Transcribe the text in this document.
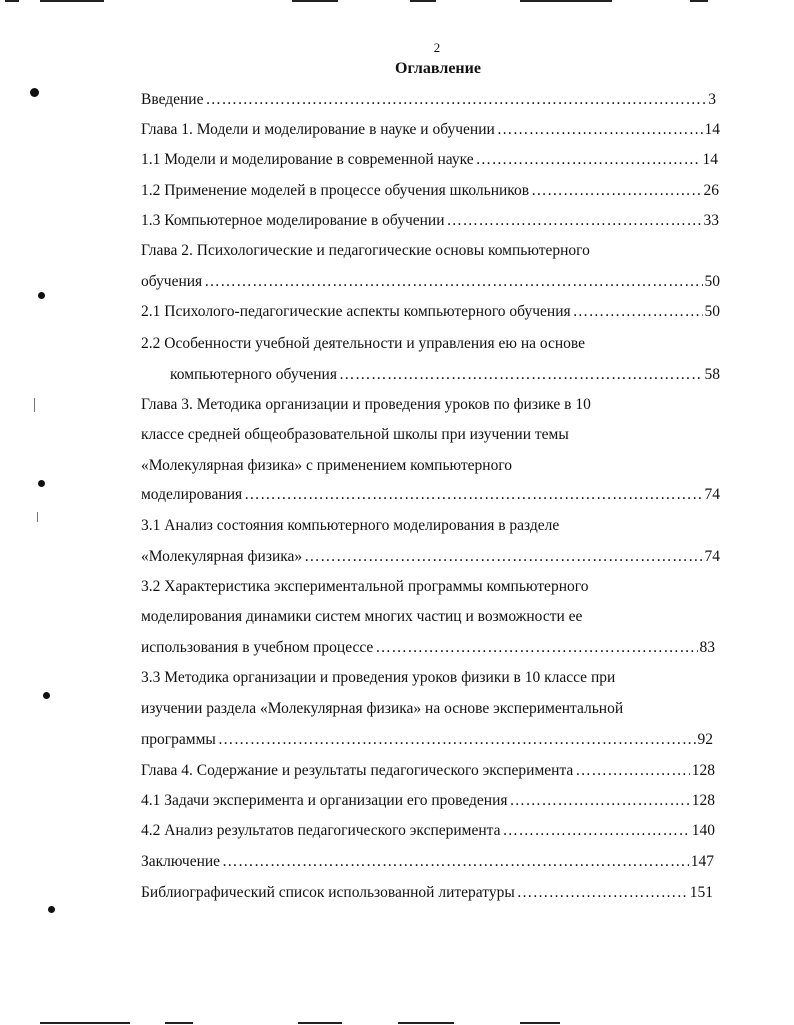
2
Оглавление
Введение ………………………………………………………………………………………………………………………………………………………………	3
Глава 1. Модели и моделирование в науке и обучении ………………………………………………………………………………………………………………………………………………………………	14
1.1 Модели и моделирование в современной науке ………………………………………………………………………………………………………………………………………………………………	14
1.2 Применение моделей в процессе обучения школьников ………………………………………………………………………………………………………………………………………………………………	26
1.3 Компьютерное моделирование в обучении ………………………………………………………………………………………………………………………………………………………………	33
Глава 2. Психологические и педагогические основы компьютерного
обучения ………………………………………………………………………………………………………………………………………………………………	50
2.1 Психолого-педагогические аспекты компьютерного обучения ………………………………………………………………………………………………………………………………………………………………	50
2.2 Особенности учебной деятельности и управления ею на основе
компьютерного обучения ………………………………………………………………………………………………………………………………………………………………	58
Глава 3. Методика организации и проведения уроков по физике в 10
классе средней общеобразовательной школы при изучении темы
«Молекулярная физика» с применением компьютерного
моделирования ………………………………………………………………………………………………………………………………………………………………	74
3.1 Анализ состояния компьютерного моделирования в разделе
«Молекулярная физика» ………………………………………………………………………………………………………………………………………………………………	74
3.2 Характеристика экспериментальной программы компьютерного
моделирования динамики систем многих частиц и возможности ее
использования в учебном процессе ………………………………………………………………………………………………………………………………………………………………	83
3.3 Методика организации и проведения уроков физики в 10 классе при
изучении раздела «Молекулярная физика» на основе экспериментальной
программы ………………………………………………………………………………………………………………………………………………………………	92
Глава 4. Содержание и результаты педагогического эксперимента ………………………………………………………………………………………………………………………………………………………………	128
4.1 Задачи эксперимента и организации его проведения ………………………………………………………………………………………………………………………………………………………………	128
4.2 Анализ результатов педагогического эксперимента ………………………………………………………………………………………………………………………………………………………………	140
Заключение ………………………………………………………………………………………………………………………………………………………………	147
Библиографический список использованной литературы ………………………………………………………………………………………………………………………………………………………………	151
